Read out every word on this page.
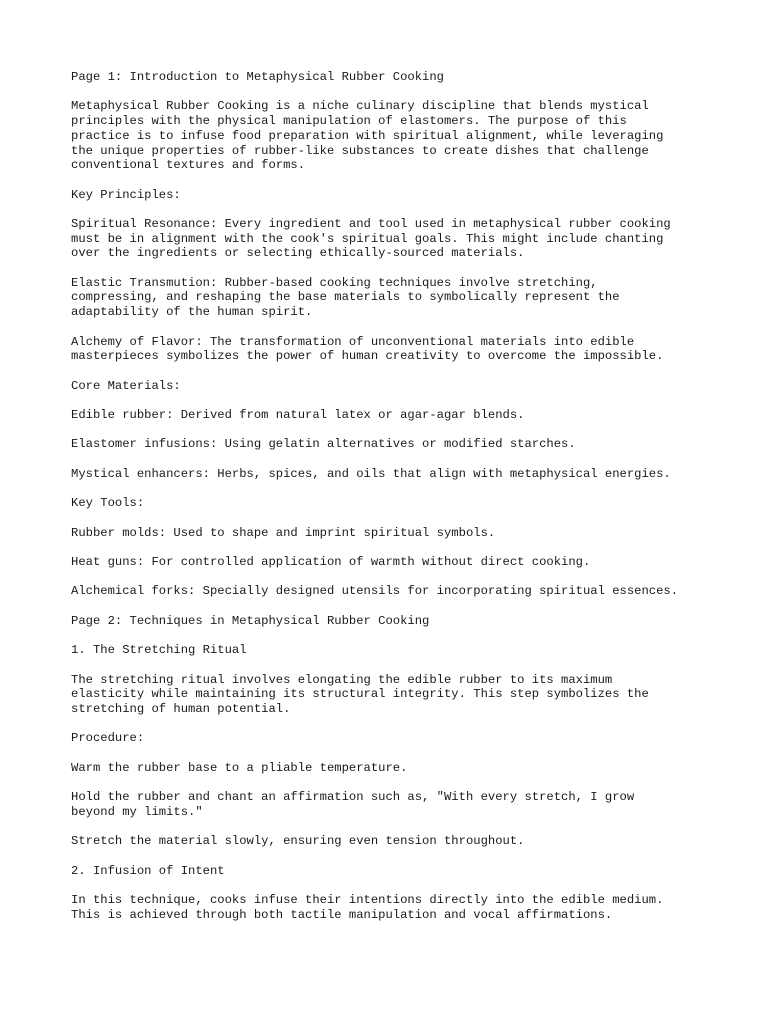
Page 1: Introduction to Metaphysical Rubber Cooking

Metaphysical Rubber Cooking is a niche culinary discipline that blends mystical
principles with the physical manipulation of elastomers. The purpose of this
practice is to infuse food preparation with spiritual alignment, while leveraging
the unique properties of rubber-like substances to create dishes that challenge
conventional textures and forms.

Key Principles:

Spiritual Resonance: Every ingredient and tool used in metaphysical rubber cooking
must be in alignment with the cook's spiritual goals. This might include chanting
over the ingredients or selecting ethically-sourced materials.

Elastic Transmution: Rubber-based cooking techniques involve stretching,
compressing, and reshaping the base materials to symbolically represent the
adaptability of the human spirit.

Alchemy of Flavor: The transformation of unconventional materials into edible
masterpieces symbolizes the power of human creativity to overcome the impossible.

Core Materials:

Edible rubber: Derived from natural latex or agar-agar blends.

Elastomer infusions: Using gelatin alternatives or modified starches.

Mystical enhancers: Herbs, spices, and oils that align with metaphysical energies.

Key Tools:

Rubber molds: Used to shape and imprint spiritual symbols.

Heat guns: For controlled application of warmth without direct cooking.

Alchemical forks: Specially designed utensils for incorporating spiritual essences.

Page 2: Techniques in Metaphysical Rubber Cooking

1. The Stretching Ritual

The stretching ritual involves elongating the edible rubber to its maximum
elasticity while maintaining its structural integrity. This step symbolizes the
stretching of human potential.

Procedure:

Warm the rubber base to a pliable temperature.

Hold the rubber and chant an affirmation such as, "With every stretch, I grow
beyond my limits."

Stretch the material slowly, ensuring even tension throughout.

2. Infusion of Intent

In this technique, cooks infuse their intentions directly into the edible medium.
This is achieved through both tactile manipulation and vocal affirmations.
